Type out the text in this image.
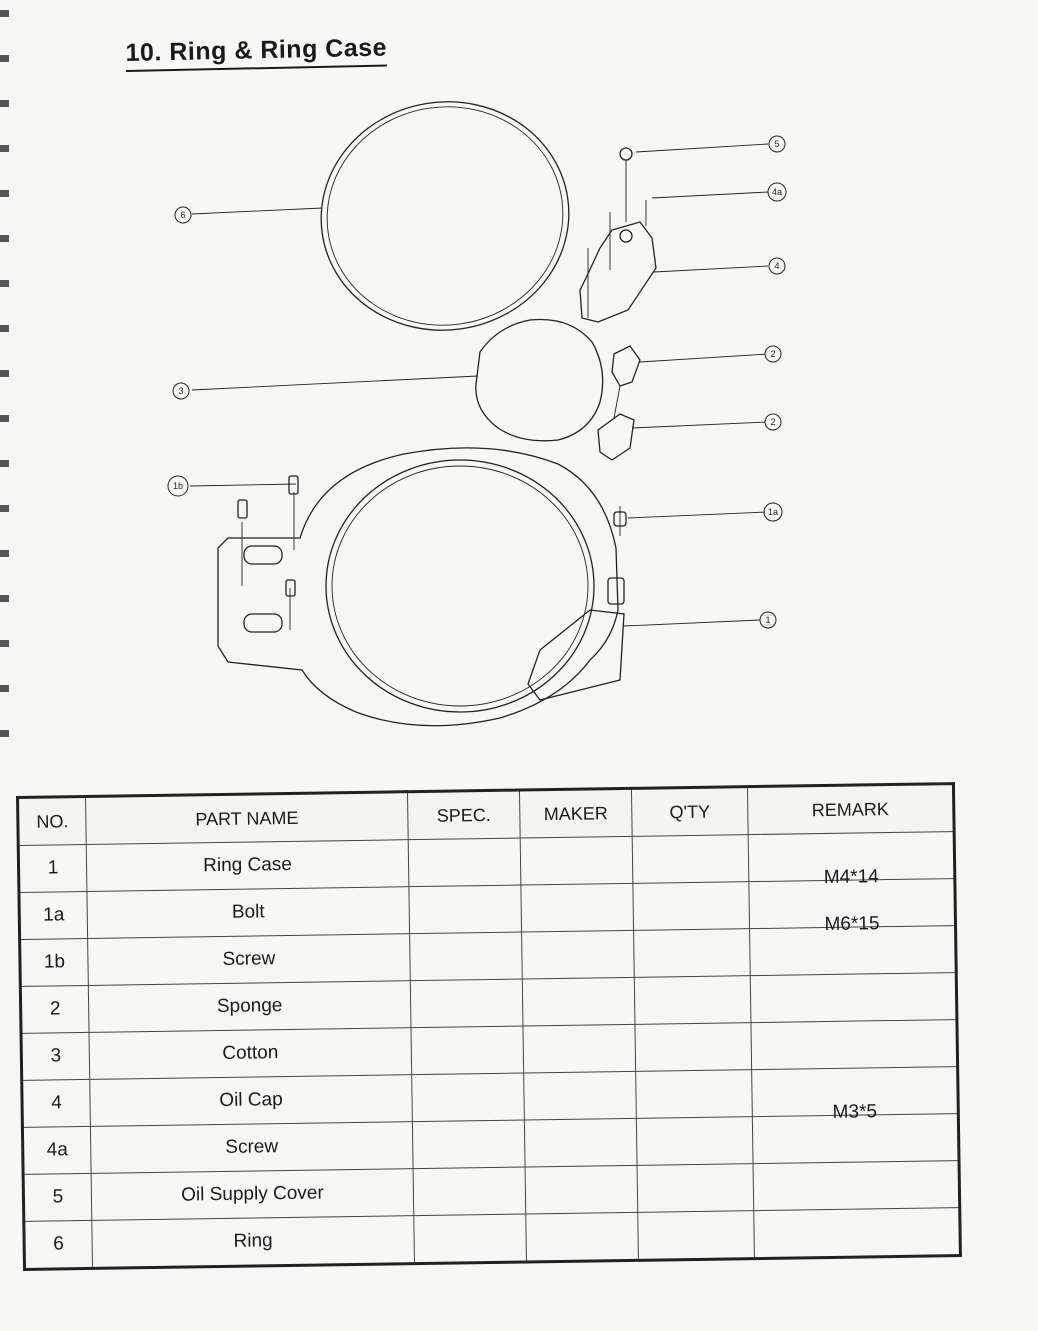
10. Ring & Ring Case
6
3
1b
5
4a
4
2
2
1a
1
NO.	PART NAME	SPEC.	MAKER	Q'TY	REMARK
1	Ring Case				
1a	Bolt				M4*14
1b	Screw				M6*15
2	Sponge				
3	Cotton				
4	Oil Cap				
4a	Screw				M3*5
5	Oil Supply Cover				
6	Ring				
